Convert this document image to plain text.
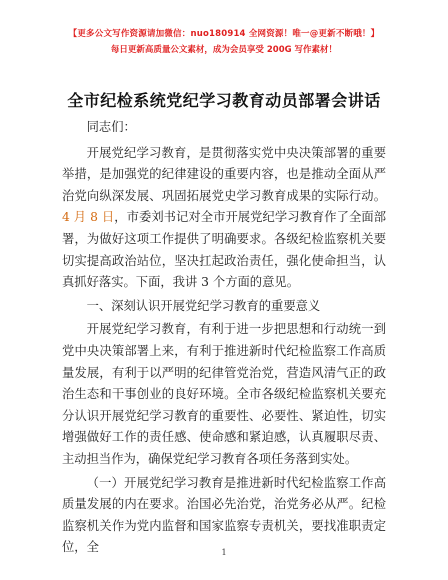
【更多公文写作资源请加微信：nuo180914 全网资源！唯一@更新不断哦！】
每日更新高质量公文素材，成为会员享受 200G 写作素材！
全市纪检系统党纪学习教育动员部署会讲话

同志们：

开展党纪学习教育，是贯彻落实党中央决策部署的重要举措，是加强党的纪律建设的重要内容，也是推动全面从严治党向纵深发展、巩固拓展党史学习教育成果的实际行动。4 月 8 日，市委刘书记对全市开展党纪学习教育作了全面部署，为做好这项工作提供了明确要求。各级纪检监察机关要切实提高政治站位，坚决扛起政治责任，强化使命担当，认真抓好落实。下面，我讲 3 个方面的意见。

一、深刻认识开展党纪学习教育的重要意义

开展党纪学习教育，有利于进一步把思想和行动统一到党中央决策部署上来，有利于推进新时代纪检监察工作高质量发展，有利于以严明的纪律管党治党，营造风清气正的政治生态和干事创业的良好环境。全市各级纪检监察机关要充分认识开展党纪学习教育的重要性、必要性、紧迫性，切实增强做好工作的责任感、使命感和紧迫感，认真履职尽责、主动担当作为，确保党纪学习教育各项任务落到实处。

（一）开展党纪学习教育是推进新时代纪检监察工作高质量发展的内在要求。治国必先治党，治党务必从严。纪检监察机关作为党内监督和国家监察专责机关，要找准职责定位，全	1
